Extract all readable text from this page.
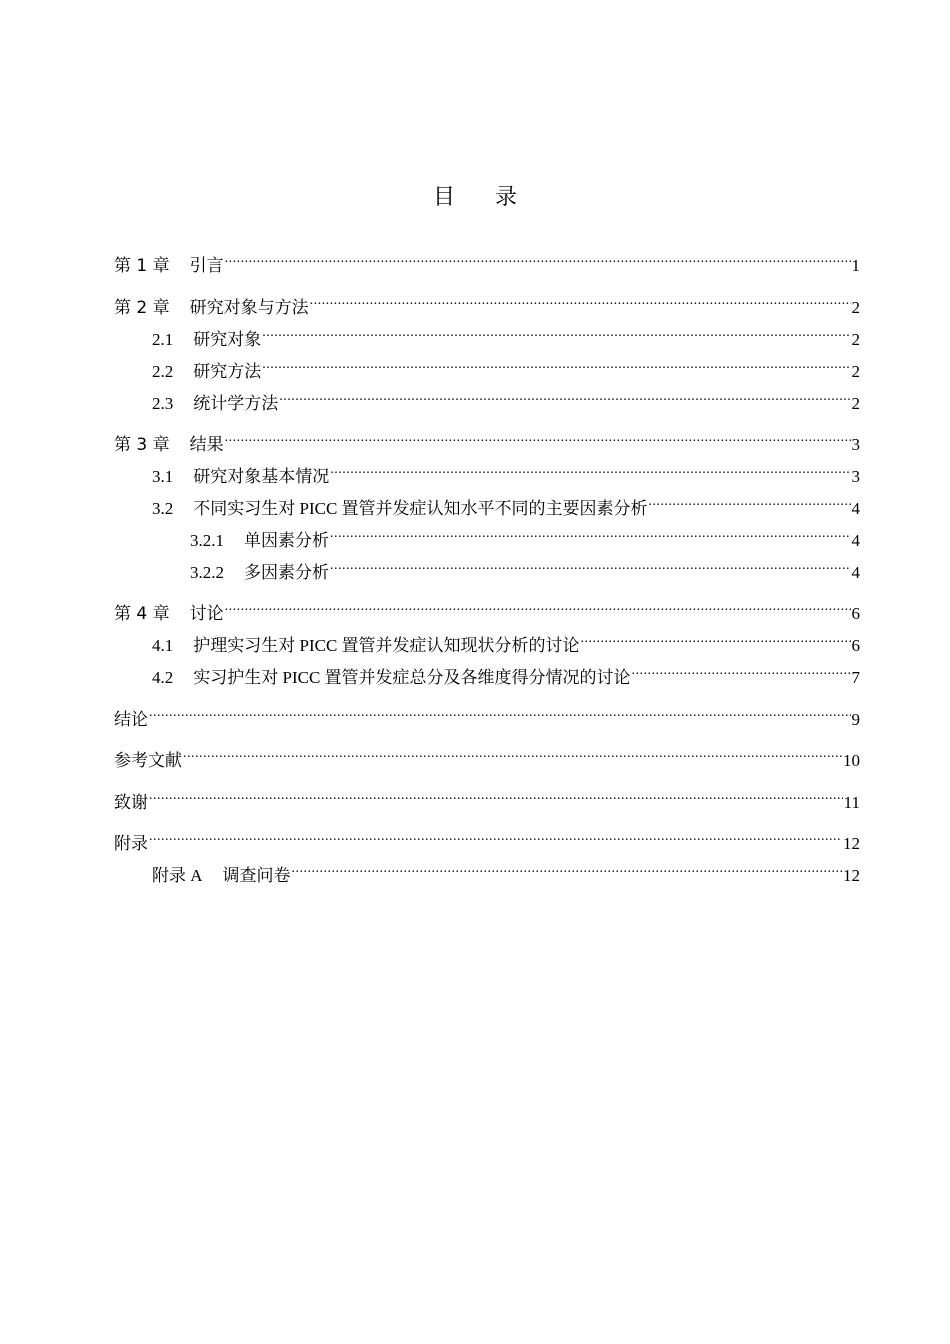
目 录
第 1 章 引言 .....	1
第 2 章 研究对象与方法 .....	2
2.1 研究对象 .....	2
2.2 研究方法 .....	2
2.3 统计学方法 .....	2
第 3 章 结果 .....	3
3.1 研究对象基本情况 .....	3
3.2 不同实习生对 PICC 置管并发症认知水平不同的主要因素分析 .....	4
3.2.1 单因素分析 .....	4
3.2.2 多因素分析 .....	4
第 4 章 讨论 .....	6
4.1 护理实习生对 PICC 置管并发症认知现状分析的讨论 .....	6
4.2 实习护生对 PICC 置管并发症总分及各维度得分情况的讨论 .....	7
结论 .....	9
参考文献 .....	10
致谢 .....	11
附录 .....	12
附录 A 调查问卷 .....	12
